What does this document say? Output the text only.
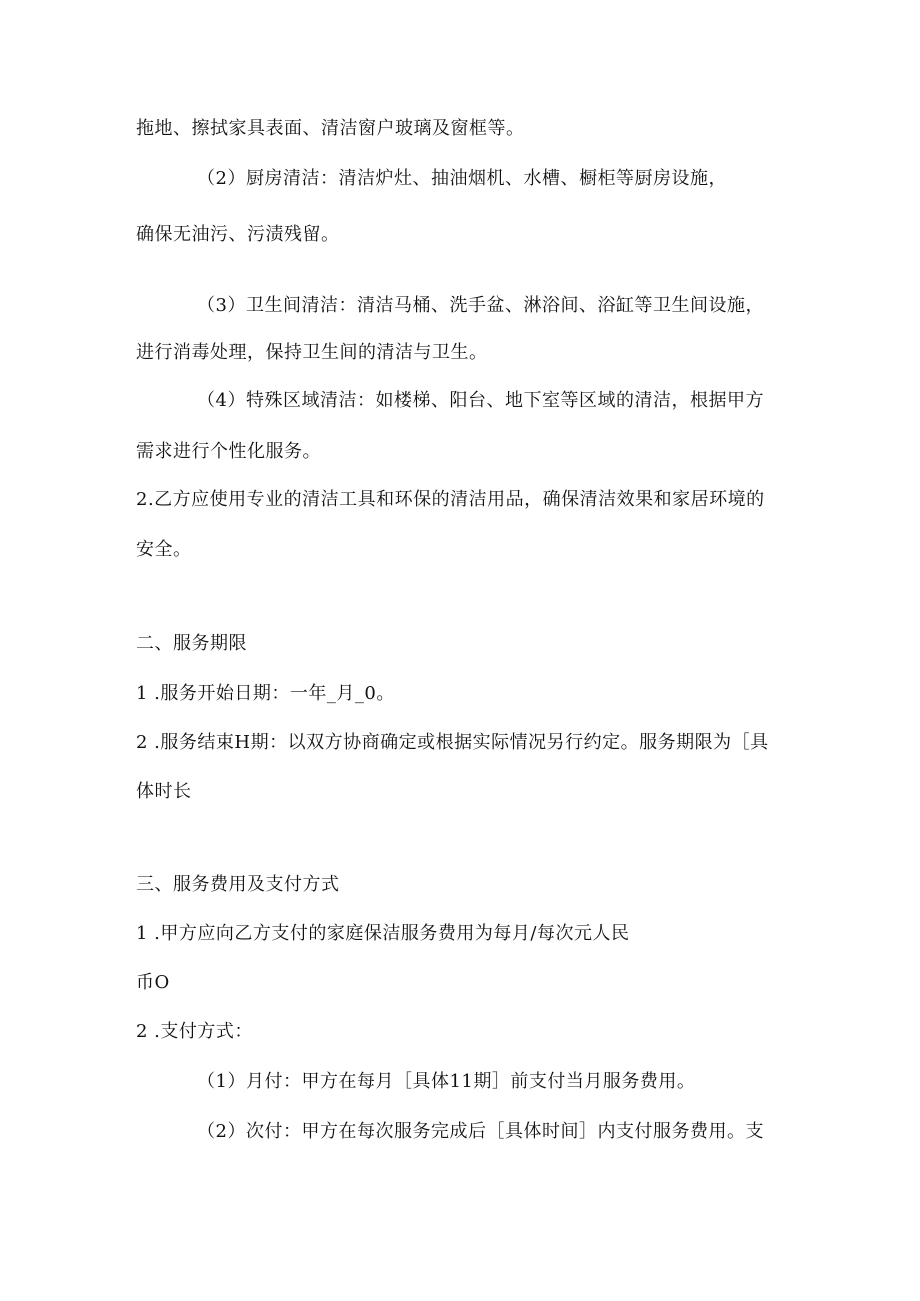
拖地、擦拭家具表面、清洁窗户玻璃及窗框等。
（2）厨房清洁：清洁炉灶、抽油烟机、水槽、橱柜等厨房设施，
确保无油污、污渍残留。
（3）卫生间清洁：清洁马桶、洗手盆、淋浴间、浴缸等卫生间设施，
进行消毒处理，保持卫生间的清洁与卫生。
（4）特殊区域清洁：如楼梯、阳台、地下室等区域的清洁，根据甲方
需求进行个性化服务。
2.乙方应使用专业的清洁工具和环保的清洁用品，确保清洁效果和家居环境的
安全。
二、服务期限
1 .服务开始日期：一年_月_0。
2 .服务结束H期：以双方协商确定或根据实际情况另行约定。服务期限为［具
体时长
三、服务费用及支付方式
1 .甲方应向乙方支付的家庭保洁服务费用为每月/每次元人民
币O
2 .支付方式：
（1）月付：甲方在每月［具体11期］前支付当月服务费用。
（2）次付：甲方在每次服务完成后［具体时间］内支付服务费用。支
